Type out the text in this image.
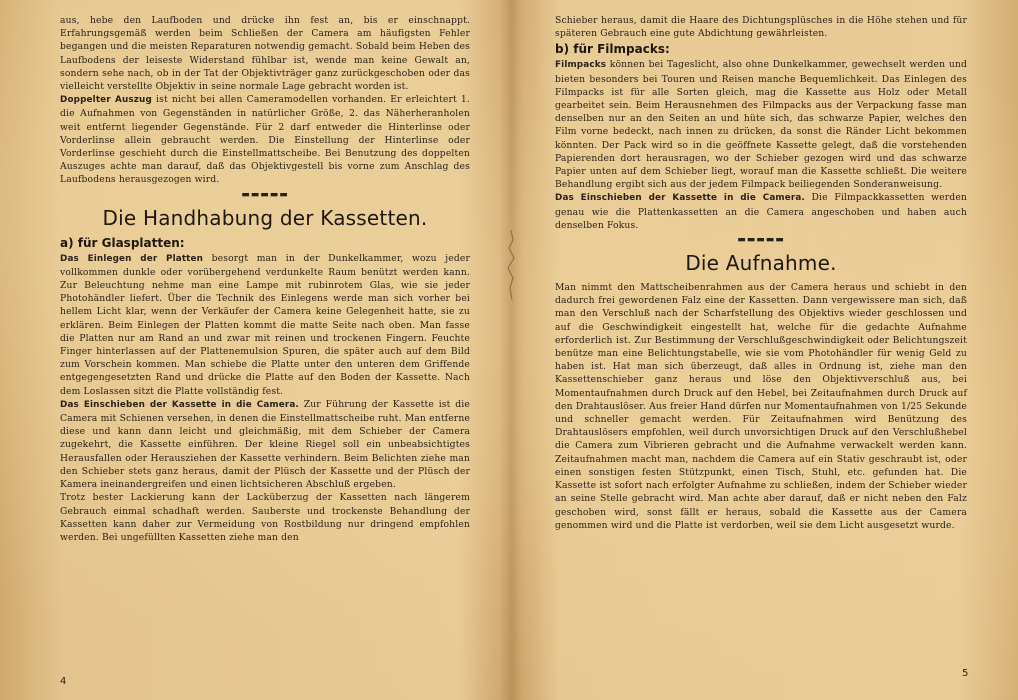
aus, hebe den Laufboden und drücke ihn fest an, bis er einschnappt. Erfahrungsgemäß werden beim Schließen der Camera am häufigsten Fehler begangen und die meisten Reparaturen notwendig gemacht. Sobald beim Heben des Laufbodens der leiseste Widerstand fühlbar ist, wende man keine Gewalt an, sondern sehe nach, ob in der Tat der Objektivträger ganz zurückgeschoben oder das vielleicht verstellte Objektiv in seine normale Lage gebracht worden ist.

Doppelter Auszug ist nicht bei allen Cameramodellen vorhanden. Er erleichtert 1. die Aufnahmen von Gegenständen in natürlicher Größe, 2. das Näherheranholen weit entfernt liegender Gegenstände. Für 2 darf entweder die Hinterlinse oder Vorderlinse allein gebraucht werden. Die Einstellung der Hinterlinse oder Vorderlinse geschieht durch die Einstellmattscheibe. Bei Benutzung des doppelten Auszuges achte man darauf, daß das Objektivgestell bis vorne zum Anschlag des Laufbodens herausgezogen wird.

▬▬▬▬▬
Die Handhabung der Kassetten.
a) für Glasplatten:

Das Einlegen der Platten besorgt man in der Dunkelkammer, wozu jeder vollkommen dunkle oder vorübergehend verdunkelte Raum benützt werden kann. Zur Beleuchtung nehme man eine Lampe mit rubinrotem Glas, wie sie jeder Photohändler liefert. Über die Technik des Einlegens werde man sich vorher bei hellem Licht klar, wenn der Verkäufer der Camera keine Gelegenheit hatte, sie zu erklären. Beim Einlegen der Platten kommt die matte Seite nach oben. Man fasse die Platten nur am Rand an und zwar mit reinen und trockenen Fingern. Feuchte Finger hinterlassen auf der Plattenemulsion Spuren, die später auch auf dem Bild zum Vorschein kommen. Man schiebe die Platte unter den unteren dem Griffende entgegengesetzten Rand und drücke die Platte auf den Boden der Kassette. Nach dem Loslassen sitzt die Platte vollständig fest.

Das Einschieben der Kassette in die Camera. Zur Führung der Kassette ist die Camera mit Schienen versehen, in denen die Einstellmattscheibe ruht. Man entferne diese und kann dann leicht und gleichmäßig, mit dem Schieber der Camera zugekehrt, die Kassette einführen. Der kleine Riegel soll ein unbeabsichtigtes Herausfallen oder Herausziehen der Kassette verhindern. Beim Belichten ziehe man den Schieber stets ganz heraus, damit der Plüsch der Kassette und der Plüsch der Kamera ineinandergreifen und einen lichtsicheren Abschluß ergeben.

Trotz bester Lackierung kann der Lacküberzug der Kassetten nach längerem Gebrauch einmal schadhaft werden. Sauberste und trockenste Behandlung der Kassetten kann daher zur Vermeidung von Rostbildung nur dringend empfohlen werden. Bei ungefüllten Kassetten ziehe man den

Schieber heraus, damit die Haare des Dichtungsplüsches in die Höhe stehen und für späteren Gebrauch eine gute Abdichtung gewährleisten.

b) für Filmpacks:

Filmpacks können bei Tageslicht, also ohne Dunkelkammer, gewechselt werden und bieten besonders bei Touren und Reisen manche Bequemlichkeit. Das Einlegen des Filmpacks ist für alle Sorten gleich, mag die Kassette aus Holz oder Metall gearbeitet sein. Beim Herausnehmen des Filmpacks aus der Verpackung fasse man denselben nur an den Seiten an und hüte sich, das schwarze Papier, welches den Film vorne bedeckt, nach innen zu drücken, da sonst die Ränder Licht bekommen könnten. Der Pack wird so in die geöffnete Kassette gelegt, daß die vorstehenden Papierenden dort herausragen, wo der Schieber gezogen wird und das schwarze Papier unten auf dem Schieber liegt, worauf man die Kassette schließt. Die weitere Behandlung ergibt sich aus der jedem Filmpack beiliegenden Sonderanweisung.

Das Einschieben der Kassette in die Camera. Die Filmpackkassetten werden genau wie die Plattenkassetten an die Camera angeschoben und haben auch denselben Fokus.

▬▬▬▬▬
Die Aufnahme.

Man nimmt den Mattscheibenrahmen aus der Camera heraus und schiebt in den dadurch frei gewordenen Falz eine der Kassetten. Dann vergewissere man sich, daß man den Verschluß nach der Scharfstellung des Objektivs wieder geschlossen und auf die Geschwindigkeit eingestellt hat, welche für die gedachte Aufnahme erforderlich ist. Zur Bestimmung der Verschlußgeschwindigkeit oder Belichtungszeit benütze man eine Belichtungstabelle, wie sie vom Photohändler für wenig Geld zu haben ist. Hat man sich überzeugt, daß alles in Ordnung ist, ziehe man den Kassettenschieber ganz heraus und löse den Objektivverschluß aus, bei Momentaufnahmen durch Druck auf den Hebel, bei Zeitaufnahmen durch Druck auf den Drahtauslöser. Aus freier Hand dürfen nur Momentaufnahmen von 1/25 Sekunde und schneller gemacht werden. Für Zeitaufnahmen wird Benützung des Drahtauslösers empfohlen, weil durch unvorsichtigen Druck auf den Verschlußhebel die Camera zum Vibrieren gebracht und die Aufnahme verwackelt werden kann. Zeitaufnahmen macht man, nachdem die Camera auf ein Stativ geschraubt ist, oder einen sonstigen festen Stützpunkt, einen Tisch, Stuhl, etc. gefunden hat. Die Kassette ist sofort nach erfolgter Aufnahme zu schließen, indem der Schieber wieder an seine Stelle gebracht wird. Man achte aber darauf, daß er nicht neben den Falz geschoben wird, sonst fällt er heraus, sobald die Kassette aus der Camera genommen wird und die Platte ist verdorben, weil sie dem Licht ausgesetzt wurde.

4
5
